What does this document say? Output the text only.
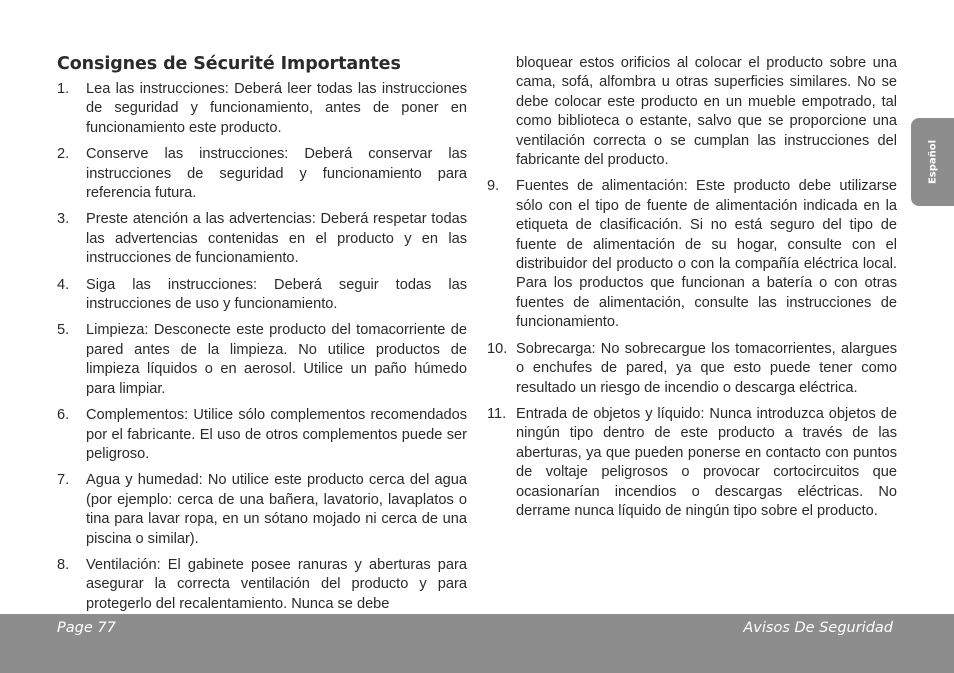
Consignes de Sécurité Importantes
1. Lea las instrucciones: Deberá leer todas las instrucciones de seguridad y funcionamiento, antes de poner en funcionamiento este producto.
2. Conserve las instrucciones: Deberá conservar las instrucciones de seguridad y funcionamiento para referencia futura.
3. Preste atención a las advertencias: Deberá respetar todas las advertencias contenidas en el producto y en las instrucciones de funcionamiento.
4. Siga las instrucciones: Deberá seguir todas las instrucciones de uso y funcionamiento.
5. Limpieza: Desconecte este producto del tomacorriente de pared antes de la limpieza. No utilice productos de limpieza líquidos o en aerosol. Utilice un paño húmedo para limpiar.
6. Complementos: Utilice sólo complementos recomendados por el fabricante. El uso de otros complementos puede ser peligroso.
7. Agua y humedad: No utilice este producto cerca del agua (por ejemplo: cerca de una bañera, lavatorio, lavaplatos o tina para lavar ropa, en un sótano mojado ni cerca de una piscina o similar).
8. Ventilación: El gabinete posee ranuras y aberturas para asegurar la correcta ventilación del producto y para protegerlo del recalentamiento. Nunca se debe
bloquear estos orificios al colocar el producto sobre una cama, sofá, alfombra u otras superficies similares. No se debe colocar este producto en un mueble empotrado, tal como biblioteca o estante, salvo que se proporcione una ventilación correcta o se cumplan las instrucciones del fabricante del producto.
9. Fuentes de alimentación: Este producto debe utilizarse sólo con el tipo de fuente de alimentación indicada en la etiqueta de clasificación. Si no está seguro del tipo de fuente de alimentación de su hogar, consulte con el distribuidor del producto o con la compañía eléctrica local. Para los productos que funcionan a batería o con otras fuentes de alimentación, consulte las instrucciones de funcionamiento.
10. Sobrecarga: No sobrecargue los tomacorrientes, alargues o enchufes de pared, ya que esto puede tener como resultado un riesgo de incendio o descarga eléctrica.
11. Entrada de objetos y líquido: Nunca introduzca objetos de ningún tipo dentro de este producto a través de las aberturas, ya que pueden ponerse en contacto con puntos de voltaje peligrosos o provocar cortocircuitos que ocasionarían incendios o descargas eléctricas. No derrame nunca líquido de ningún tipo sobre el producto.
Español
Page 77	Avisos De Seguridad
